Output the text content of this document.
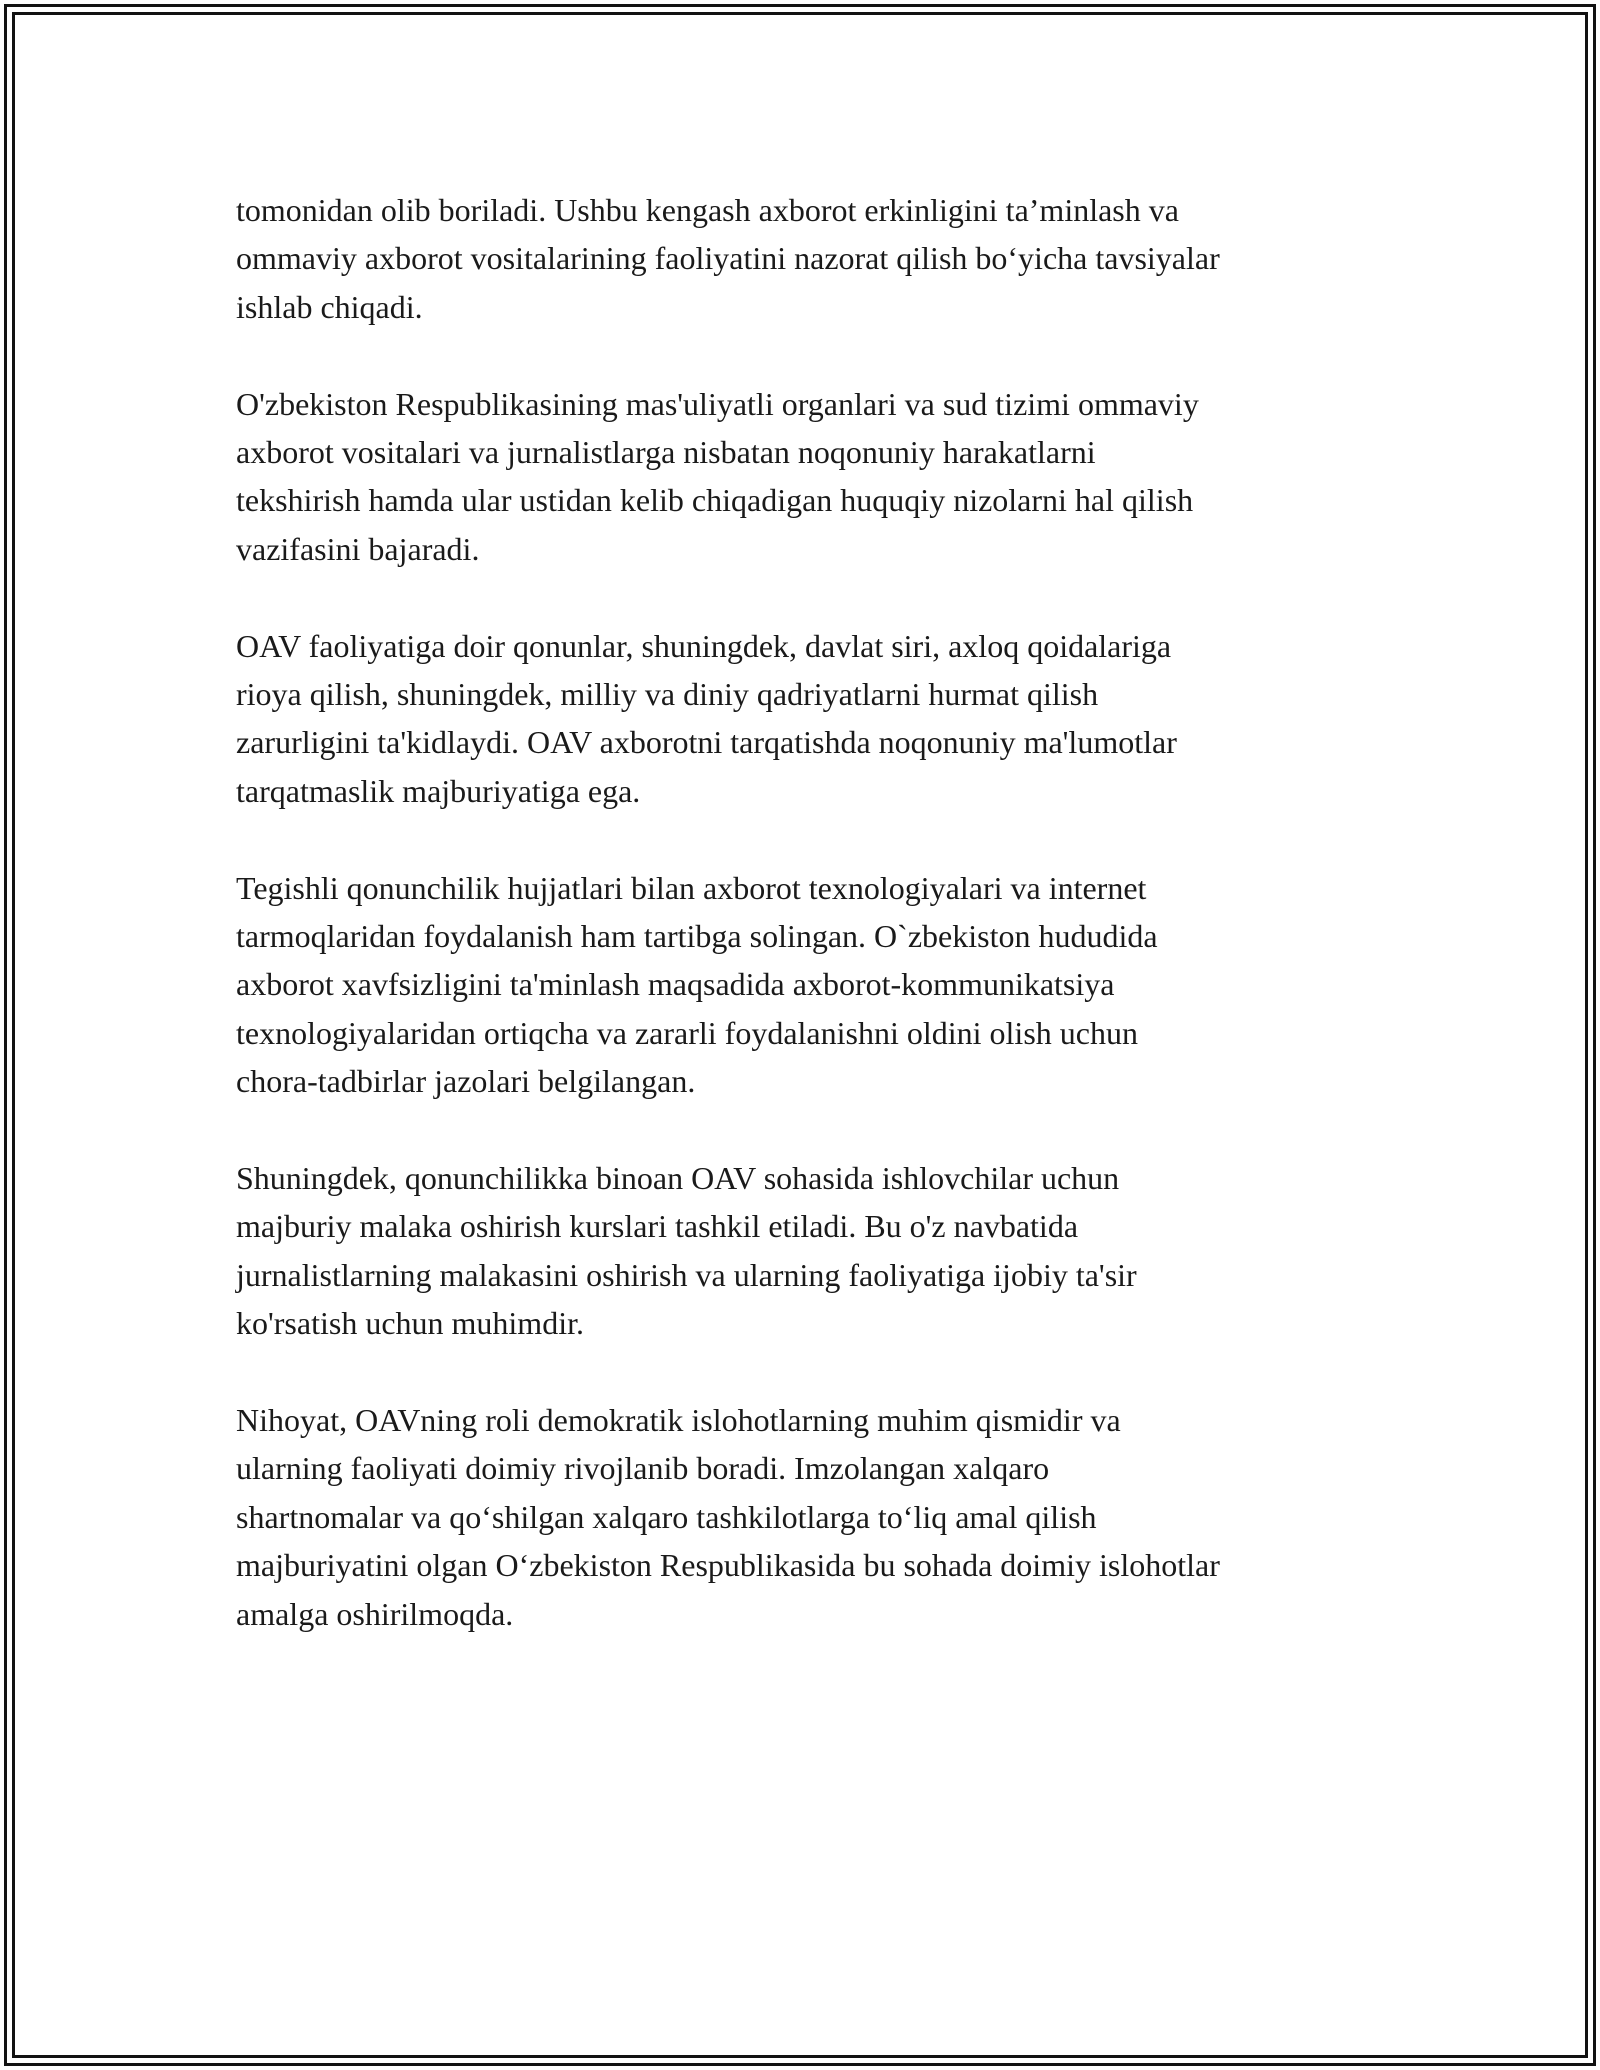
tomonidan olib boriladi. Ushbu kengash axborot erkinligini ta’minlash va
ommaviy axborot vositalarining faoliyatini nazorat qilish bo‘yicha tavsiyalar
ishlab chiqadi.

O'zbekiston Respublikasining mas'uliyatli organlari va sud tizimi ommaviy
axborot vositalari va jurnalistlarga nisbatan noqonuniy harakatlarni
tekshirish hamda ular ustidan kelib chiqadigan huquqiy nizolarni hal qilish
vazifasini bajaradi.

OAV faoliyatiga doir qonunlar, shuningdek, davlat siri, axloq qoidalariga
rioya qilish, shuningdek, milliy va diniy qadriyatlarni hurmat qilish
zarurligini ta'kidlaydi. OAV axborotni tarqatishda noqonuniy ma'lumotlar
tarqatmaslik majburiyatiga ega.

Tegishli qonunchilik hujjatlari bilan axborot texnologiyalari va internet
tarmoqlaridan foydalanish ham tartibga solingan. O`zbekiston hududida
axborot xavfsizligini ta'minlash maqsadida axborot-kommunikatsiya
texnologiyalaridan ortiqcha va zararli foydalanishni oldini olish uchun
chora-tadbirlar jazolari belgilangan.

Shuningdek, qonunchilikka binoan OAV sohasida ishlovchilar uchun
majburiy malaka oshirish kurslari tashkil etiladi. Bu o'z navbatida
jurnalistlarning malakasini oshirish va ularning faoliyatiga ijobiy ta'sir
ko'rsatish uchun muhimdir.

Nihoyat, OAVning roli demokratik islohotlarning muhim qismidir va
ularning faoliyati doimiy rivojlanib boradi. Imzolangan xalqaro
shartnomalar va qo‘shilgan xalqaro tashkilotlarga to‘liq amal qilish
majburiyatini olgan O‘zbekiston Respublikasida bu sohada doimiy islohotlar
amalga oshirilmoqda.
